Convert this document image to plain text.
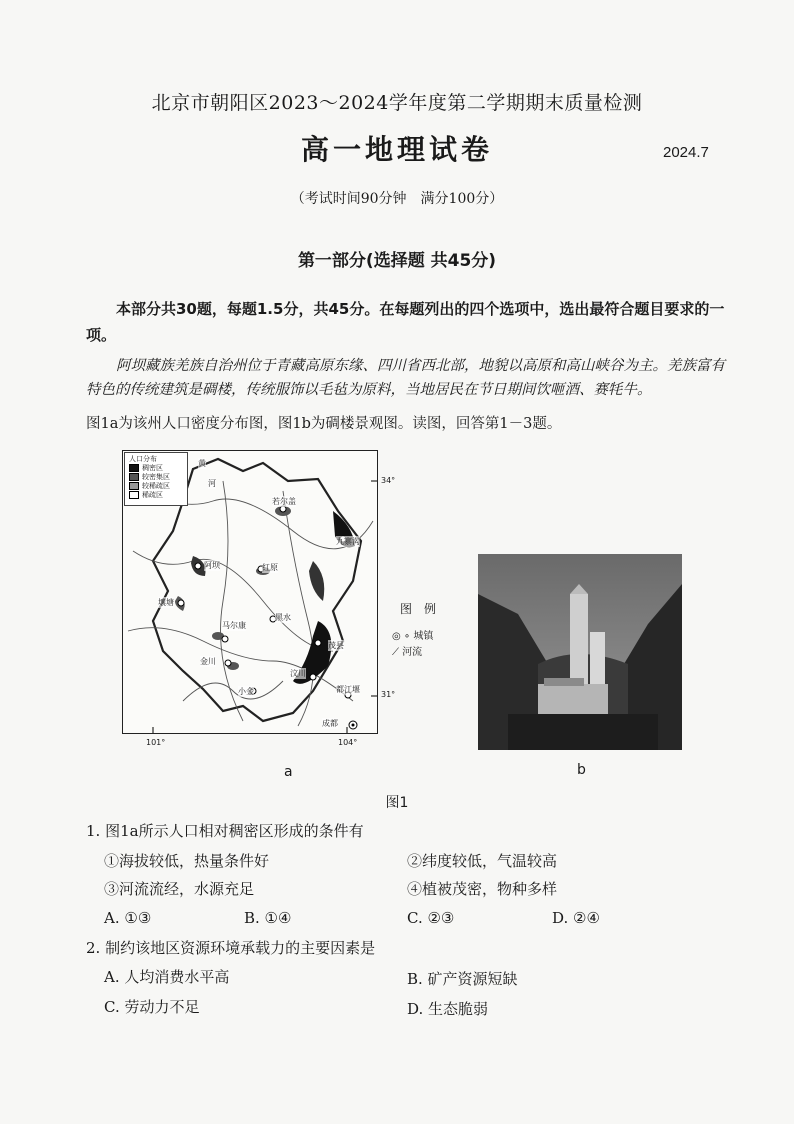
北京市朝阳区2023～2024学年度第二学期期末质量检测
高一地理试卷	2024.7
（考试时间90分钟　满分100分）
第一部分(选择题 共45分)
本部分共30题，每题1.5分，共45分。在每题列出的四个选项中，选出最符合题目要求的一项。
阿坝藏族羌族自治州位于青藏高原东缘、四川省西北部，地貌以高原和高山峡谷为主。羌族富有特色的传统建筑是碉楼，传统服饰以毛毡为原料，当地居民在节日期间饮咂酒、赛牦牛。
图1a为该州人口密度分布图，图1b为碉楼景观图。读图，回答第1－3题。
人口分布
稠密区
较密集区
较稀疏区
稀疏区
黄
河
若尔盖
九寨沟
阿坝	红原
壤塘
黑水
马尔康
茂县
金川
汶川
小金	都江堰
成都
34°
31°
101°	104°
a
图　例
◎ ∘ 城镇
⟋ 河流
b
图1
1. 图1a所示人口相对稠密区形成的条件有
①海拔较低，热量条件好	②纬度较低，气温较高
③河流流经，水源充足	④植被茂密，物种多样
A. ①③	B. ①④	C. ②③	D. ②④
2. 制约该地区资源环境承载力的主要因素是
A. 人均消费水平高	B. 矿产资源短缺
C. 劳动力不足	D. 生态脆弱
